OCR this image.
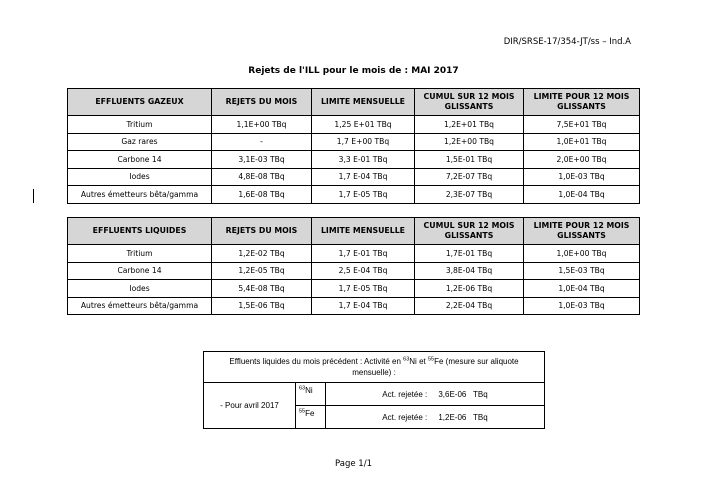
DIR/SRSE-17/354-JT/ss – Ind.A
Rejets de l'ILL pour le mois de : MAI 2017
EFFLUENTS GAZEUX	REJETS DU MOIS	LIMITE MENSUELLE	CUMUL SUR 12 MOIS GLISSANTS	LIMITE POUR 12 MOIS GLISSANTS
Tritium	1,1E+00 TBq	1,25 E+01 TBq	1,2E+01 TBq	7,5E+01 TBq
Gaz rares	-	1,7 E+00 TBq	1,2E+00 TBq	1,0E+01 TBq
Carbone 14	3,1E-03 TBq	3,3 E-01 TBq	1,5E-01 TBq	2,0E+00 TBq
Iodes	4,8E-08 TBq	1,7 E-04 TBq	7,2E-07 TBq	1,0E-03 TBq
Autres émetteurs bêta/gamma	1,6E-08 TBq	1,7 E-05 TBq	2,3E-07 TBq	1,0E-04 TBq
EFFLUENTS LIQUIDES	REJETS DU MOIS	LIMITE MENSUELLE	CUMUL SUR 12 MOIS GLISSANTS	LIMITE POUR 12 MOIS GLISSANTS
Tritium	1,2E-02 TBq	1,7 E-01 TBq	1,7E-01 TBq	1,0E+00 TBq
Carbone 14	1,2E-05 TBq	2,5 E-04 TBq	3,8E-04 TBq	1,5E-03 TBq
Iodes	5,4E-08 TBq	1,7 E-05 TBq	1,2E-06 TBq	1,0E-04 TBq
Autres émetteurs bêta/gamma	1,5E-06 TBq	1,7 E-04 TBq	2,2E-04 TBq	1,0E-03 TBq
Effluents liquides du mois précédent : Activité en $^{63}$Ni et $^{55}$Fe (mesure sur aliquote mensuelle) :		
- Pour avril 2017	$^{63}$Ni	Act. rejetée : 3,6E-06 TBq
	$^{55}$Fe	Act. rejetée : 1,2E-06 TBq
Page 1/1
